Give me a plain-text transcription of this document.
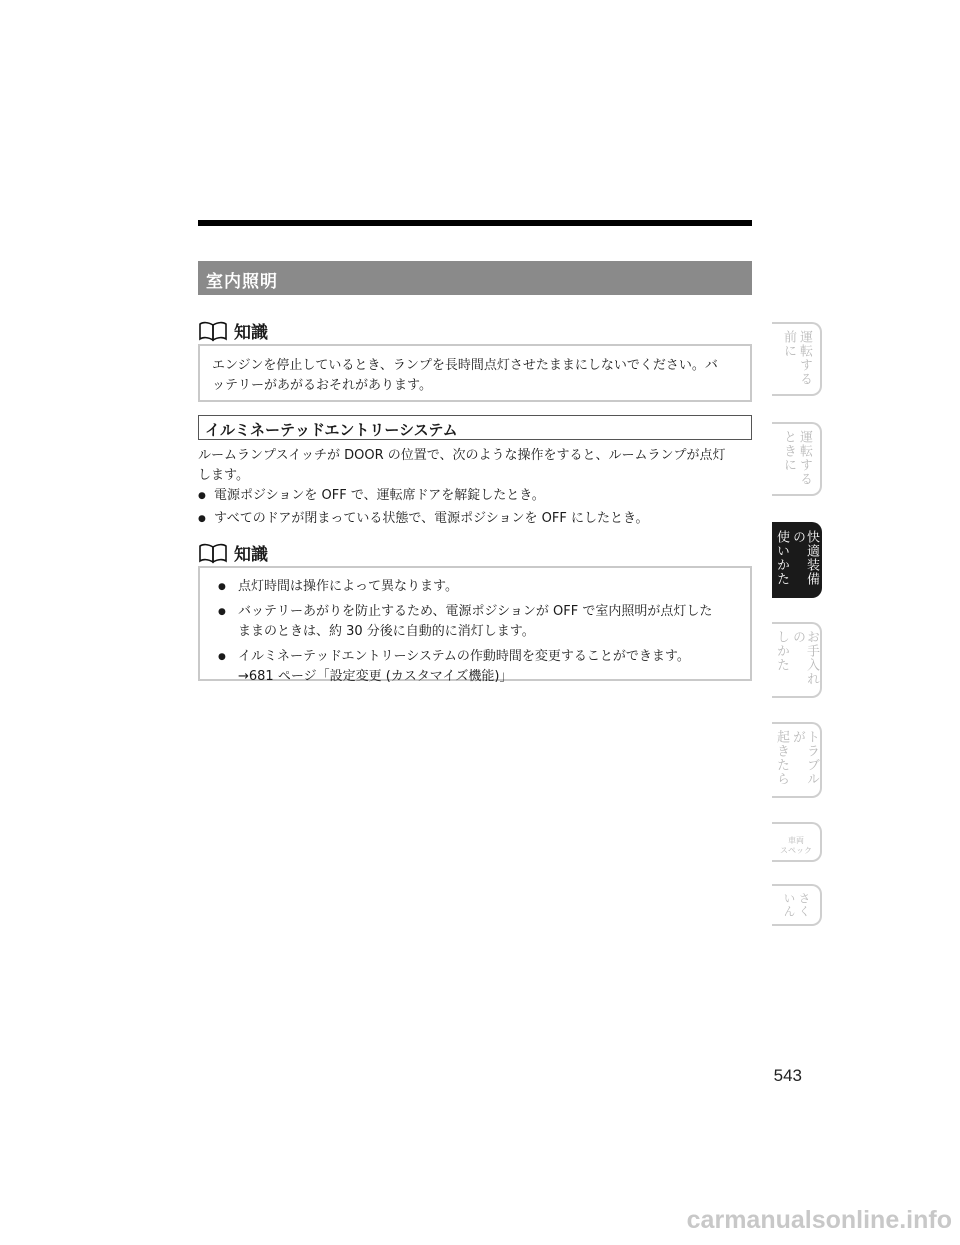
室内照明
知識
エンジンを停止しているとき、ランプを長時間点灯させたままにしないでください。バ
ッテリーがあがるおそれがあります。
イルミネーテッドエントリーシステム
ルームランプスイッチが DOOR の位置で、次のような操作をすると、ルームランプが点灯
します。
● 電源ポジションを OFF で、運転席ドアを解錠したとき。
● すべてのドアが閉まっている状態で、電源ポジションを OFF にしたとき。
知識
● 点灯時間は操作によって異なります。
● バッテリーあがりを防止するため、電源ポジションが OFF で室内照明が点灯した
ままのときは、約 30 分後に自動的に消灯します。
● イルミネーテッドエントリーシステムの作動時間を変更することができます。
→681 ページ「設定変更 (カスタマイズ機能)」
運転する
前に
運転する
ときに
快適装備の
使いかた
お手入れの
しかた
トラブルが
起きたら
車両
スペック
さく
いん
543
carmanualsonline.info
